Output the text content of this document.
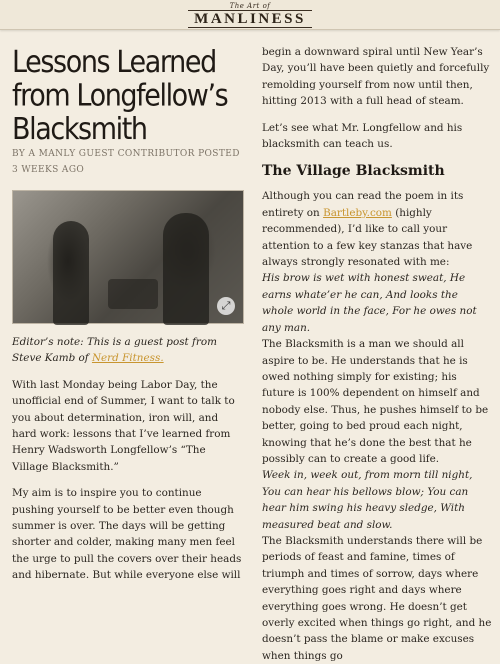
The Art of
MANLINESS
Lessons Learned from Longfellow’s Blacksmith
BY A MANLY GUEST CONTRIBUTOR POSTED 3 WEEKS AGO
⤢

Editor’s note: This is a guest post from Steve Kamb of Nerd Fitness.

With last Monday being Labor Day, the unofficial end of Summer, I want to talk to you about determination, iron will, and hard work: lessons that I’ve learned from Henry Wadsworth Longfellow’s “The Village Blacksmith.”

My aim is to inspire you to continue pushing yourself to be better even though summer is over. The days will be getting shorter and colder, making many men feel the urge to pull the covers over their heads and hibernate. But while everyone else will

begin a downward spiral until New Year’s Day, you’ll have been quietly and forcefully remolding yourself from now until then, hitting 2013 with a full head of steam.

Let’s see what Mr. Longfellow and his blacksmith can teach us.

The Village Blacksmith

Although you can read the poem in its entirety on Bartleby.com (highly recommended), I’d like to call your attention to a few key stanzas that have always strongly resonated with me:

His brow is wet with honest sweat, He earns whate’er he can, And looks the whole world in the face, For he owes not any man.

The Blacksmith is a man we should all aspire to be. He understands that he is owed nothing simply for existing; his future is 100% dependent on himself and nobody else. Thus, he pushes himself to be better, going to bed proud each night, knowing that he’s done the best that he possibly can to create a good life.

Week in, week out, from morn till night, You can hear his bellows blow; You can hear him swing his heavy sledge, With measured beat and slow.

The Blacksmith understands there will be periods of feast and famine, times of triumph and times of sorrow, days where everything goes right and days where everything goes wrong. He doesn’t get overly excited when things go right, and he doesn’t pass the blame or make excuses when things go
